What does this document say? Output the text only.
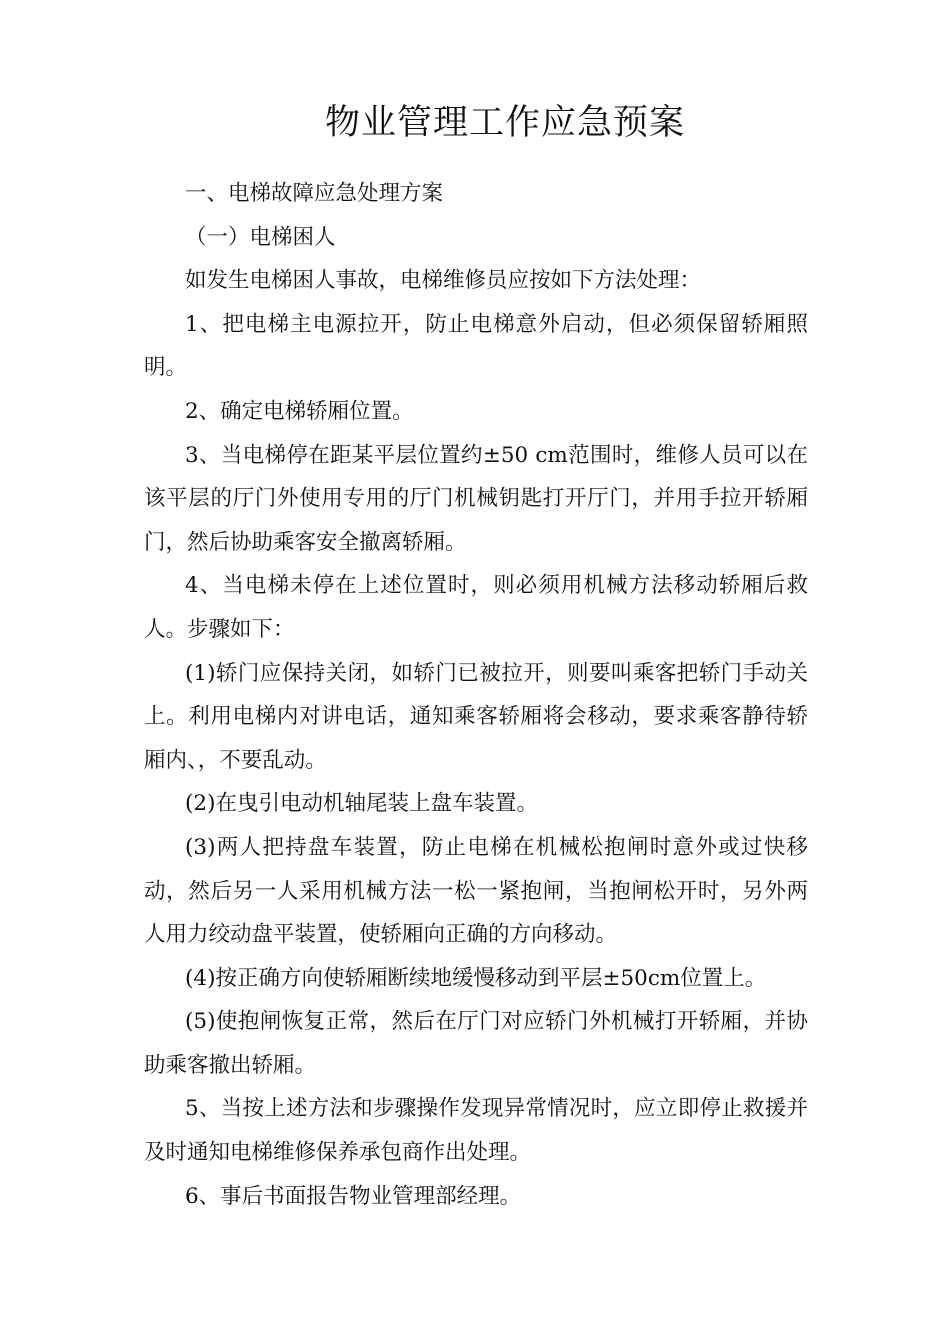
物业管理工作应急预案

一、电梯故障应急处理方案

（一）电梯困人

如发生电梯困人事故，电梯维修员应按如下方法处理：

1、把电梯主电源拉开，防止电梯意外启动，但必须保留轿厢照明。

2、确定电梯轿厢位置。

3、当电梯停在距某平层位置约±50 cm范围时，维修人员可以在该平层的厅门外使用专用的厅门机械钥匙打开厅门，并用手拉开轿厢门，然后协助乘客安全撤离轿厢。

4、当电梯未停在上述位置时，则必须用机械方法移动轿厢后救人。步骤如下：

(1)轿门应保持关闭，如轿门已被拉开，则要叫乘客把轿门手动关上。利用电梯内对讲电话，通知乘客轿厢将会移动，要求乘客静待轿厢内、，不要乱动。

(2)在曳引电动机轴尾装上盘车装置。

(3)两人把持盘车装置，防止电梯在机械松抱闸时意外或过快移动，然后另一人采用机械方法一松一紧抱闸，当抱闸松开时，另外两人用力绞动盘平装置，使轿厢向正确的方向移动。

(4)按正确方向使轿厢断续地缓慢移动到平层±50cm位置上。

(5)使抱闸恢复正常，然后在厅门对应轿门外机械打开轿厢，并协助乘客撤出轿厢。

5、当按上述方法和步骤操作发现异常情况时，应立即停止救援并及时通知电梯维修保养承包商作出处理。

6、事后书面报告物业管理部经理。
